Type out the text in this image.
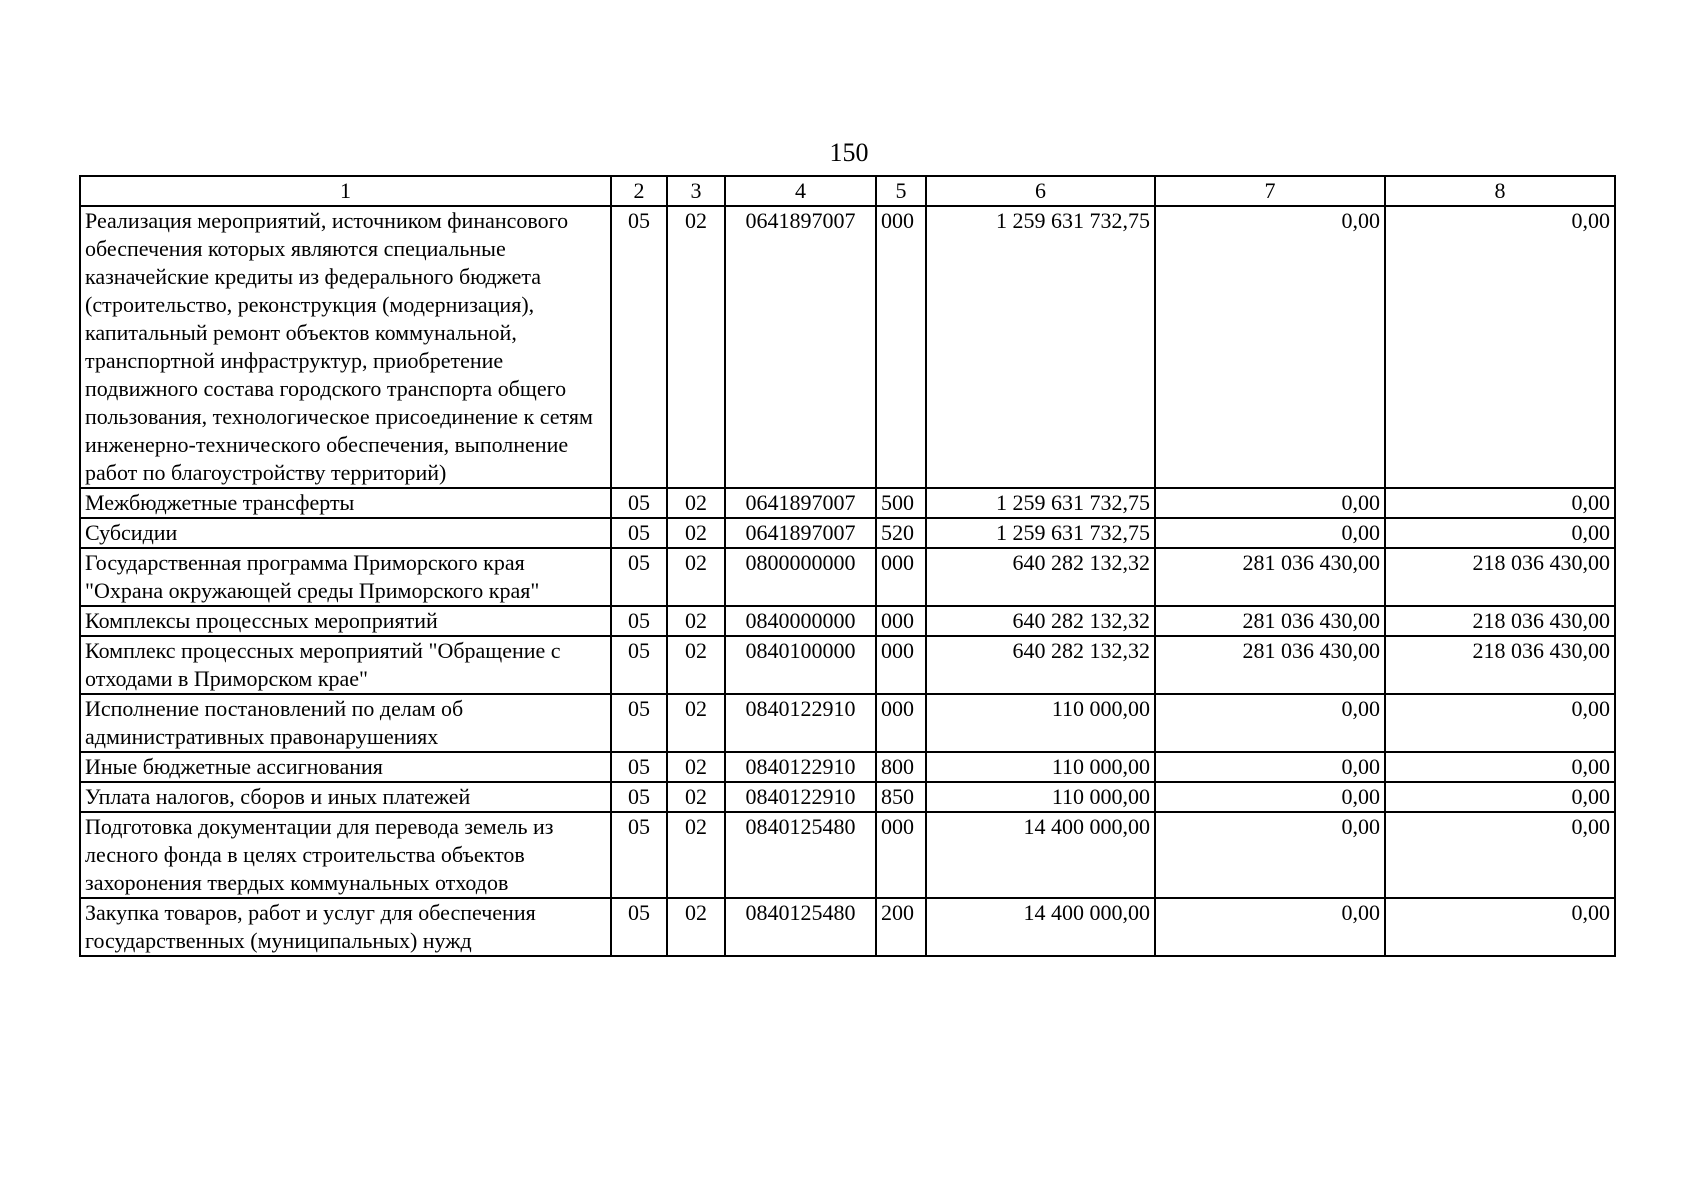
150
1	2	3	4	5	6	7	8
Реализация мероприятий, источником финансового обеспечения которых являются специальные казначейские кредиты из федерального бюджета (строительство, реконструкция (модернизация), капитальный ремонт объектов коммунальной, транспортной инфраструктур, приобретение подвижного состава городского транспорта общего пользования, технологическое присоединение к сетям инженерно-технического обеспечения, выполнение работ по благоустройству территорий)	05	02	0641897007	000	1 259 631 732,75	0,00	0,00
Межбюджетные трансферты	05	02	0641897007	500	1 259 631 732,75	0,00	0,00
Субсидии	05	02	0641897007	520	1 259 631 732,75	0,00	0,00
Государственная программа Приморского края "Охрана окружающей среды Приморского края"	05	02	0800000000	000	640 282 132,32	281 036 430,00	218 036 430,00
Комплексы процессных мероприятий	05	02	0840000000	000	640 282 132,32	281 036 430,00	218 036 430,00
Комплекс процессных мероприятий "Обращение с отходами в Приморском крае"	05	02	0840100000	000	640 282 132,32	281 036 430,00	218 036 430,00
Исполнение постановлений по делам об административных правонарушениях	05	02	0840122910	000	110 000,00	0,00	0,00
Иные бюджетные ассигнования	05	02	0840122910	800	110 000,00	0,00	0,00
Уплата налогов, сборов и иных платежей	05	02	0840122910	850	110 000,00	0,00	0,00
Подготовка документации для перевода земель из лесного фонда в целях строительства объектов захоронения твердых коммунальных отходов	05	02	0840125480	000	14 400 000,00	0,00	0,00
Закупка товаров, работ и услуг для обеспечения государственных (муниципальных) нужд	05	02	0840125480	200	14 400 000,00	0,00	0,00
